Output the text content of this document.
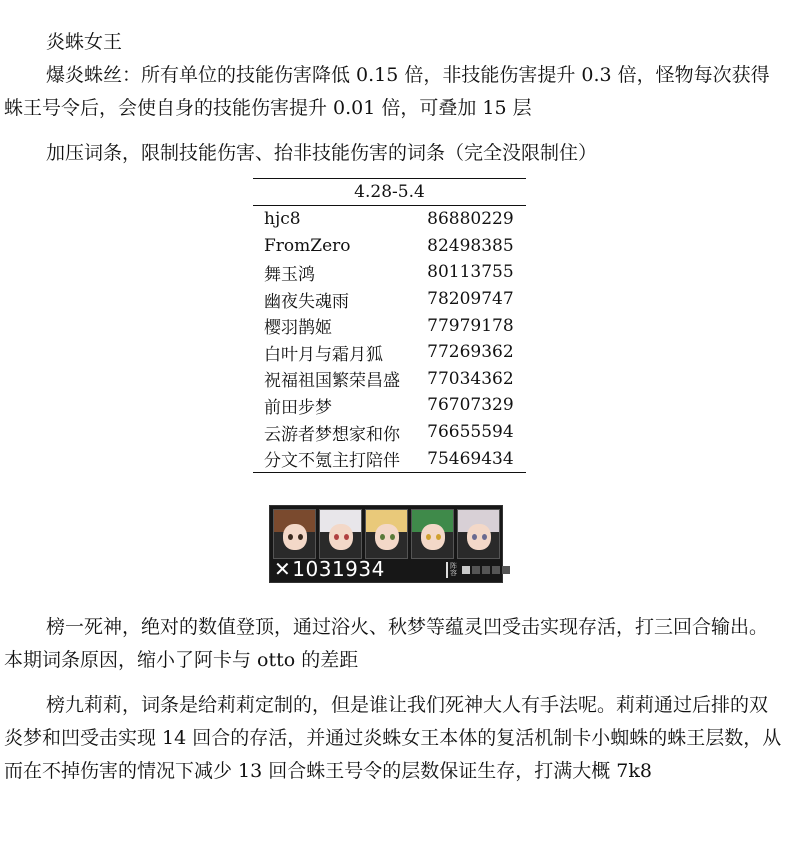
炎蛛女王

爆炎蛛丝：所有单位的技能伤害降低 0.15 倍，非技能伤害提升 0.3 倍，怪物每次获得蛛王号令后，会使自身的技能伤害提升 0.01 倍，可叠加 15 层

加压词条，限制技能伤害、抬非技能伤害的词条（完全没限制住）

4.28-5.4	
hjc8	86880229
FromZero	82498385
舞玉鸿	80113755
幽夜失魂雨	78209747
樱羽鹊姬	77979178
白叶月与霜月狐	77269362
祝福祖国繁荣昌盛	77034362
前田步梦	76707329
云游者梦想家和你	76655594
分文不氪主打陪伴	75469434
✕1031934	阵容

榜一死神，绝对的数值登顶，通过浴火、秋梦等蕴灵凹受击实现存活，打三回合输出。本期词条原因，缩小了阿卡与 otto 的差距

榜九莉莉，词条是给莉莉定制的，但是谁让我们死神大人有手法呢。莉莉通过后排的双炎梦和凹受击实现 14 回合的存活，并通过炎蛛女王本体的复活机制卡小蜘蛛的蛛王层数，从而在不掉伤害的情况下减少 13 回合蛛王号令的层数保证生存，打满大概 7k8
